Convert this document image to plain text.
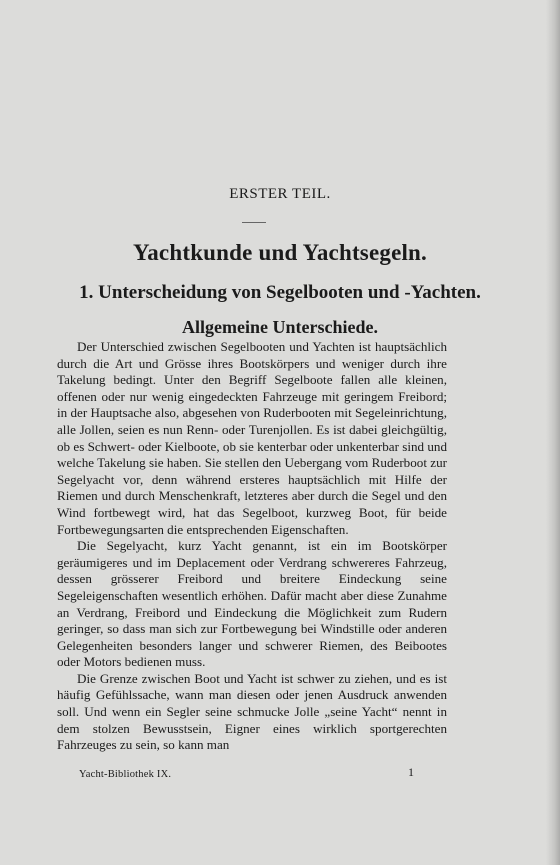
ERSTER TEIL.
Yachtkunde und Yachtsegeln.
1. Unterscheidung von Segelbooten und -Yachten.
Allgemeine Unterschiede.

Der Unterschied zwischen Segelbooten und Yachten ist hauptsächlich durch die Art und Grösse ihres Bootskörpers und weniger durch ihre Takelung bedingt. Unter den Begriff Segelboote fallen alle kleinen, offenen oder nur wenig eingedeckten Fahrzeuge mit geringem Freibord; in der Hauptsache also, abgesehen von Ruderbooten mit Segeleinrichtung, alle Jollen, seien es nun Renn- oder Turenjollen. Es ist dabei gleichgültig, ob es Schwert- oder Kielboote, ob sie kenterbar oder unkenterbar sind und welche Takelung sie haben. Sie stellen den Uebergang vom Ruderboot zur Segelyacht vor, denn während ersteres hauptsächlich mit Hilfe der Riemen und durch Menschenkraft, letzteres aber durch die Segel und den Wind fortbewegt wird, hat das Segelboot, kurzweg Boot, für beide Fortbewegungsarten die entsprechenden Eigenschaften.

Die Segelyacht, kurz Yacht genannt, ist ein im Bootskörper geräumigeres und im Deplacement oder Verdrang schwereres Fahrzeug, dessen grösserer Freibord und breitere Eindeckung seine Segeleigenschaften wesentlich erhöhen. Dafür macht aber diese Zunahme an Verdrang, Freibord und Eindeckung die Möglichkeit zum Rudern geringer, so dass man sich zur Fortbewegung bei Windstille oder anderen Gelegenheiten besonders langer und schwerer Riemen, des Beibootes oder Motors bedienen muss.

Die Grenze zwischen Boot und Yacht ist schwer zu ziehen, und es ist häufig Gefühlssache, wann man diesen oder jenen Ausdruck anwenden soll. Und wenn ein Segler seine schmucke Jolle „seine Yacht“ nennt in dem stolzen Bewusstsein, Eigner eines wirklich sportgerechten Fahrzeuges zu sein, so kann man

Yacht-Bibliothek IX.	1
